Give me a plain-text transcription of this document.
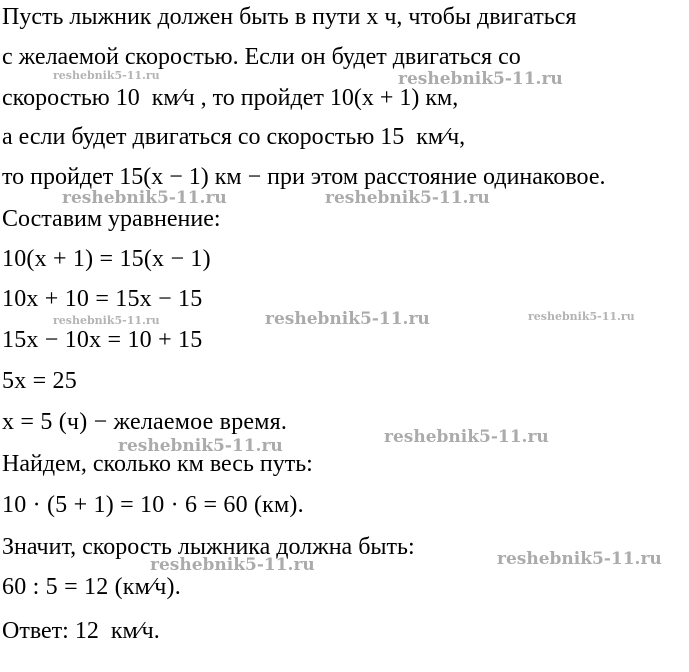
Пусть лыжник должен быть в пути x ч, чтобы двигаться
с желаемой скоростью. Если он будет двигаться со
скоростью 10  км⁄ч , то пройдет 10(x + 1) км,
а если будет двигаться со скоростью 15  км⁄ч,
то пройдет 15(x − 1) км − при этом расстояние одинаковое.
Составим уравнение:
10(x + 1) = 15(x − 1)
10x + 10 = 15x − 15
15x − 10x = 10 + 15
5x = 25
x = 5 (ч) − желаемое время.
Найдем, сколько км весь путь:
10 · (5 + 1) = 10 · 6 = 60 (км).
Значит, скорость лыжника должна быть:
60 : 5 = 12 (км⁄ч).
Ответ: 12  км⁄ч.
reshebnik5-11.ru	reshebnik5-11.ru
reshebnik5-11.ru	reshebnik5-11.ru
reshebnik5-11.ru	reshebnik5-11.ru	reshebnik5-11.ru
reshebnik5-11.ru	reshebnik5-11.ru
reshebnik5-11.ru	reshebnik5-11.ru
